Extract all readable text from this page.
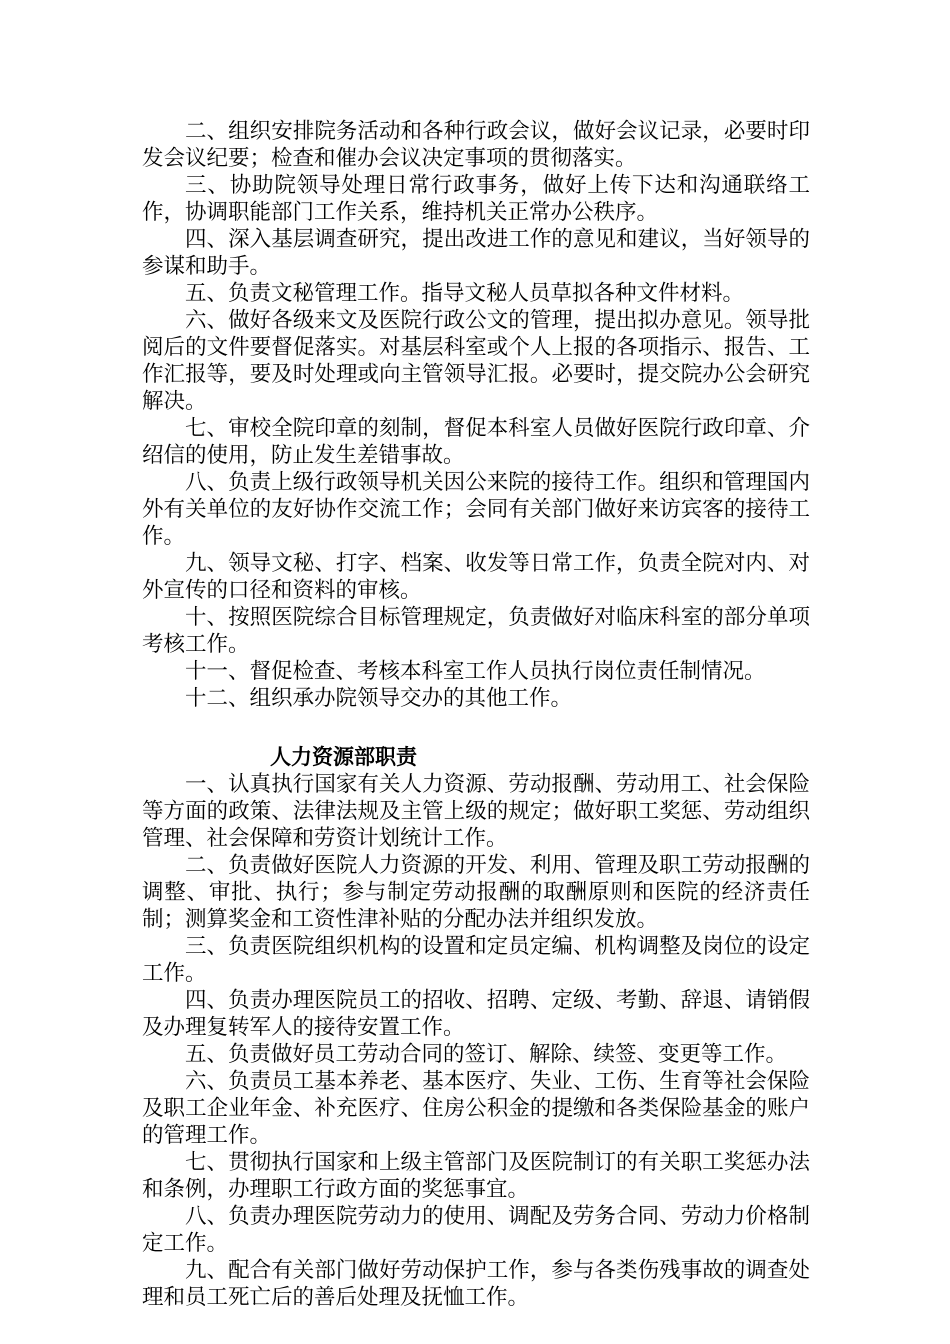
二、组织安排院务活动和各种行政会议，做好会议记录，必要时印发会议纪要；检查和催办会议决定事项的贯彻落实。

三、协助院领导处理日常行政事务，做好上传下达和沟通联络工作，协调职能部门工作关系，维持机关正常办公秩序。

四、深入基层调查研究，提出改进工作的意见和建议，当好领导的参谋和助手。

五、负责文秘管理工作。指导文秘人员草拟各种文件材料。

六、做好各级来文及医院行政公文的管理，提出拟办意见。领导批阅后的文件要督促落实。对基层科室或个人上报的各项指示、报告、工作汇报等，要及时处理或向主管领导汇报。必要时，提交院办公会研究解决。

七、审校全院印章的刻制，督促本科室人员做好医院行政印章、介绍信的使用，防止发生差错事故。

八、负责上级行政领导机关因公来院的接待工作。组织和管理国内外有关单位的友好协作交流工作；会同有关部门做好来访宾客的接待工作。

九、领导文秘、打字、档案、收发等日常工作，负责全院对内、对外宣传的口径和资料的审核。

十、按照医院综合目标管理规定，负责做好对临床科室的部分单项考核工作。

十一、督促检查、考核本科室工作人员执行岗位责任制情况。

十二、组织承办院领导交办的其他工作。

人力资源部职责

一、认真执行国家有关人力资源、劳动报酬、劳动用工、社会保险等方面的政策、法律法规及主管上级的规定；做好职工奖惩、劳动组织管理、社会保障和劳资计划统计工作。

二、负责做好医院人力资源的开发、利用、管理及职工劳动报酬的调整、审批、执行；参与制定劳动报酬的取酬原则和医院的经济责任制；测算奖金和工资性津补贴的分配办法并组织发放。

三、负责医院组织机构的设置和定员定编、机构调整及岗位的设定工作。

四、负责办理医院员工的招收、招聘、定级、考勤、辞退、请销假及办理复转军人的接待安置工作。

五、负责做好员工劳动合同的签订、解除、续签、变更等工作。

六、负责员工基本养老、基本医疗、失业、工伤、生育等社会保险及职工企业年金、补充医疗、住房公积金的提缴和各类保险基金的账户的管理工作。

七、贯彻执行国家和上级主管部门及医院制订的有关职工奖惩办法和条例，办理职工行政方面的奖惩事宜。

八、负责办理医院劳动力的使用、调配及劳务合同、劳动力价格制定工作。

九、配合有关部门做好劳动保护工作，参与各类伤残事故的调查处理和员工死亡后的善后处理及抚恤工作。
